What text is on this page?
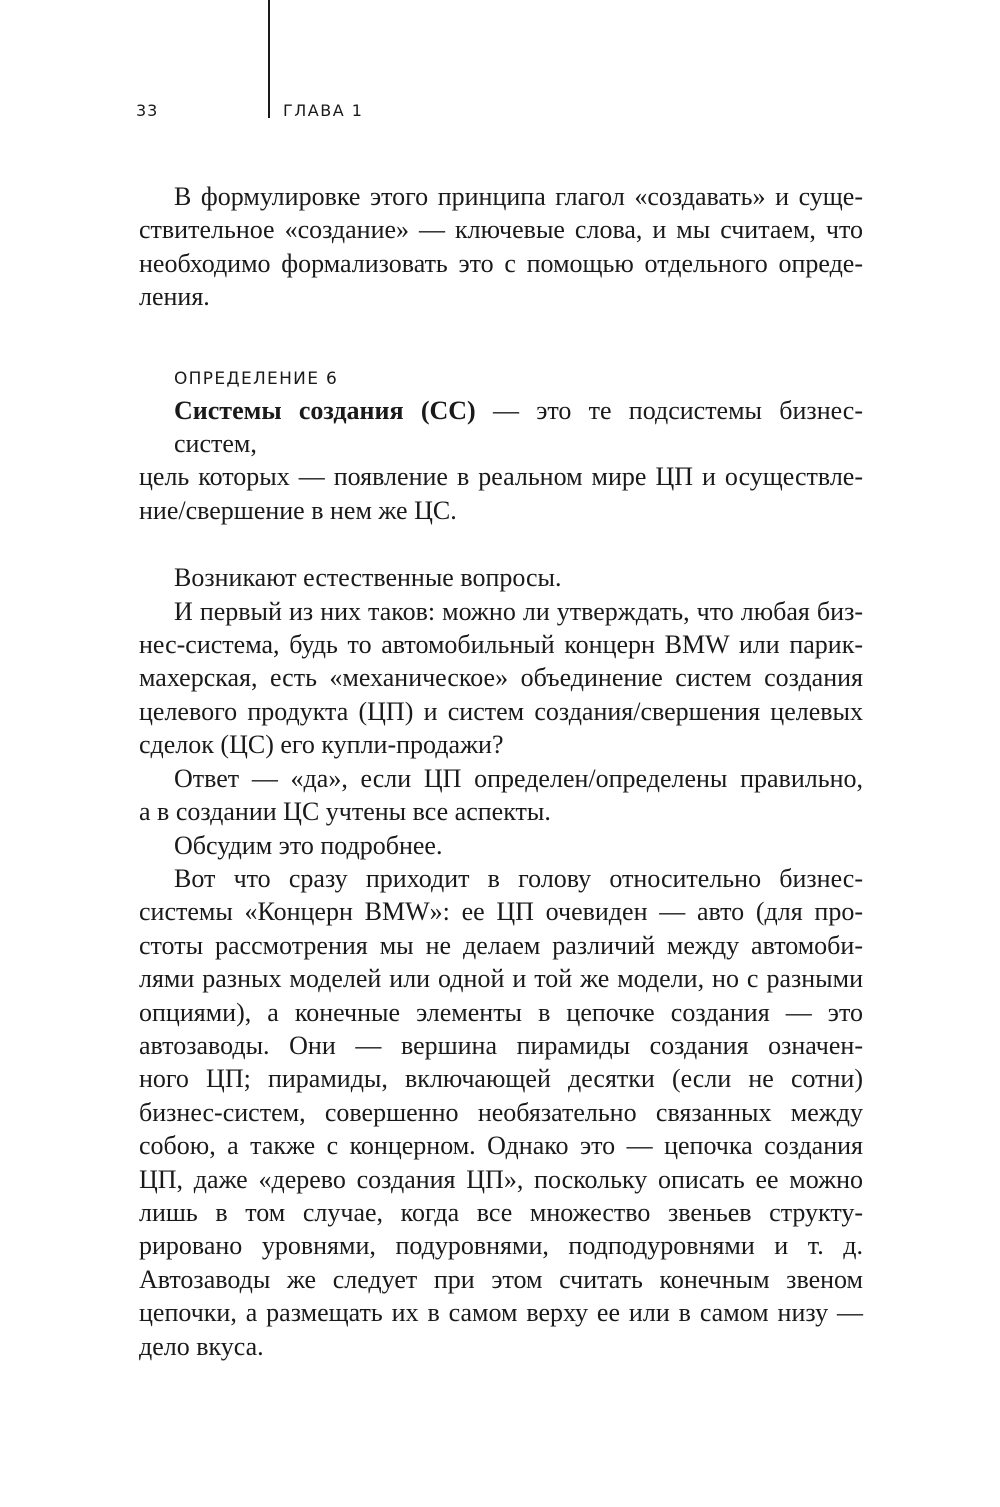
33	ГЛАВА 1
В формулировке этого принципа глагол «создавать» и суще-
ствительное «создание» — ключевые слова, и мы считаем, что
необходимо формализовать это с помощью отдельного опреде-
ления.
ОПРЕДЕЛЕНИЕ 6
Системы создания (СС) — это те подсистемы бизнес-систем,
цель которых — появление в реальном мире ЦП и осуществле-
ние/свершение в нем же ЦС.
Возникают естественные вопросы.
И первый из них таков: можно ли утверждать, что любая биз-
нес-система, будь то автомобильный концерн BMW или парик-
махерская, есть «механическое» объединение систем создания
целевого продукта (ЦП) и систем создания/свершения целевых
сделок (ЦС) его купли-продажи?
Ответ — «да», если ЦП определен/определены правильно,
а в создании ЦС учтены все аспекты.
Обсудим это подробнее.
Вот что сразу приходит в голову относительно бизнес-
системы «Концерн BMW»: ее ЦП очевиден — авто (для про-
стоты рассмотрения мы не делаем различий между автомоби-
лями разных моделей или одной и той же модели, но с разными
опциями), а конечные элементы в цепочке создания — это
автозаводы. Они — вершина пирамиды создания означен-
ного ЦП; пирамиды, включающей десятки (если не сотни)
бизнес-систем, совершенно необязательно связанных между
собою, а также с концерном. Однако это — цепочка создания
ЦП, даже «дерево создания ЦП», поскольку описать ее можно
лишь в том случае, когда все множество звеньев структу-
рировано уровнями, подуровнями, подподуровнями и т. д.
Автозаводы же следует при этом считать конечным звеном
цепочки, а размещать их в самом верху ее или в самом низу —
дело вкуса.
